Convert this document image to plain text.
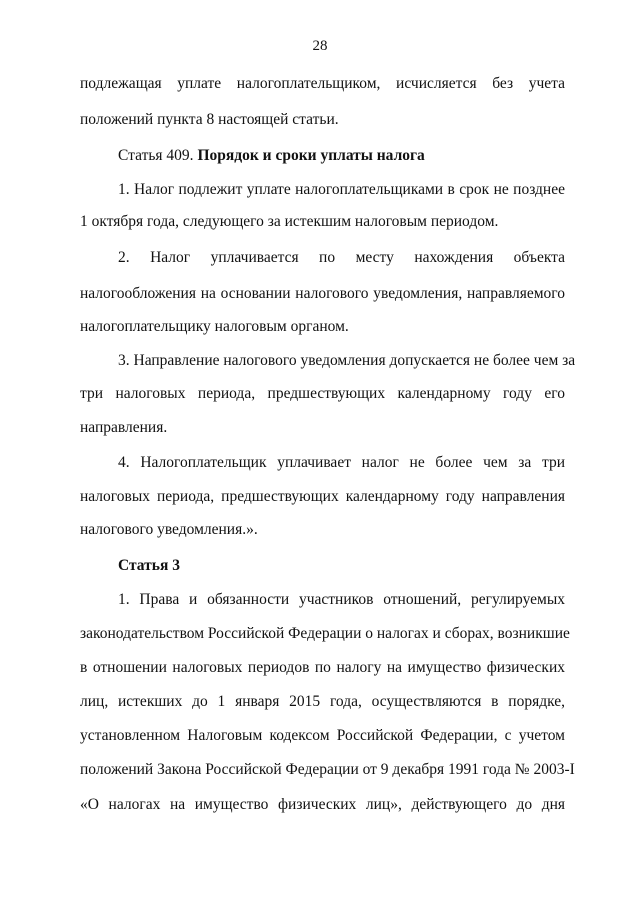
28
подлежащая уплате налогоплательщиком, исчисляется без учета
положений пункта 8 настоящей статьи.
Статья 409. Порядок и сроки уплаты налога
1. Налог подлежит уплате налогоплательщиками в срок не позднее
1 октября года, следующего за истекшим налоговым периодом.
2. Налог уплачивается по месту нахождения объекта
налогообложения на основании налогового уведомления, направляемого
налогоплательщику налоговым органом.
3. Направление налогового уведомления допускается не более чем за
три налоговых периода, предшествующих календарному году его
направления.
4. Налогоплательщик уплачивает налог не более чем за три
налоговых периода, предшествующих календарному году направления
налогового уведомления.».
Статья 3
1. Права и обязанности участников отношений, регулируемых
законодательством Российской Федерации о налогах и сборах, возникшие
в отношении налоговых периодов по налогу на имущество физических
лиц, истекших до 1 января 2015 года, осуществляются в порядке,
установленном Налоговым кодексом Российской Федерации, с учетом
положений Закона Российской Федерации от 9 декабря 1991 года № 2003-I
«О налогах на имущество физических лиц», действующего до дня
